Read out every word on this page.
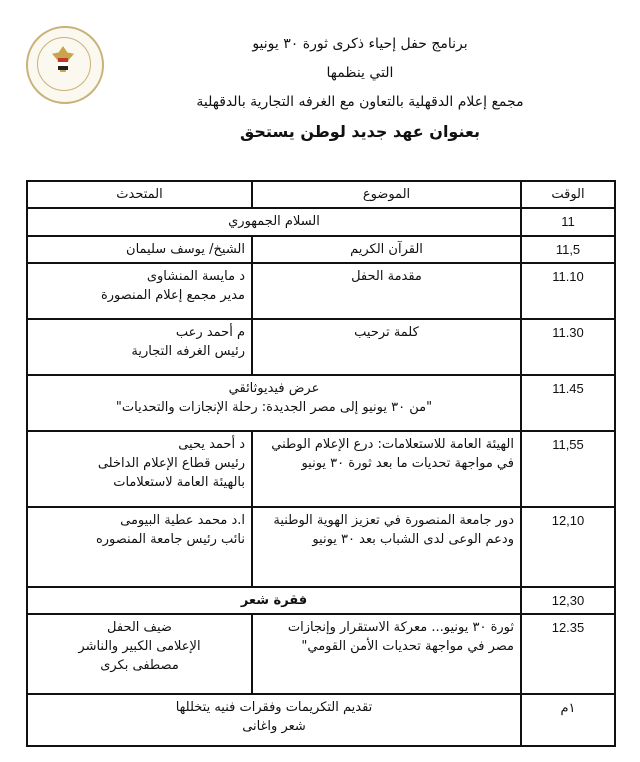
برنامج حفل إحياء ذكرى ثورة ٣٠ يونيو
التي ينظمها
مجمع إعلام الدقهلية بالتعاون مع الغرفه التجارية بالدقهلية
بعنوان عهد جديد لوطن يستحق
الوقت	الموضوع	المتحدث
11	السلام الجمهوري	
11,5	القرآن الكريم	الشيخ/ يوسف سليمان
11.10	مقدمة الحفل	د مايسة المنشاوى
مدير مجمع إعلام المنصورة

11.30	كلمة ترحيب	م أحمد رعب
رئيس الغرفه التجارية

11.45	عرض فيديوثائقي
"من ٣٠ يونيو إلى مصر الجديدة: رحلة الإنجازات والتحديات"	

11,55	الهيئة العامة للاستعلامات: درع الإعلام الوطني في مواجهة تحديات ما بعد ثورة ٣٠ يونيو	د أحمد يحيى
رئيس قطاع الإعلام الداخلى
بالهيئة العامة لاستعلامات

12,10	دور جامعة المنصورة في تعزيز الهوية الوطنية ودعم الوعى لدى الشباب بعد ٣٠ يونيو	ا.د محمد عطية البيومى
نائب رئيس جامعة المنصوره

12,30	فقرة شعر	
12.35	ثورة ٣٠ يونيو... معركة الاستقرار وإنجازات مصر في مواجهة تحديات الأمن القومي"	ضيف الحفل
الإعلامى الكبير والناشر
مصطفى بكرى

١م	تقديم التكريمات وفقرات فنيه يتخللها
شعر واغانى	
